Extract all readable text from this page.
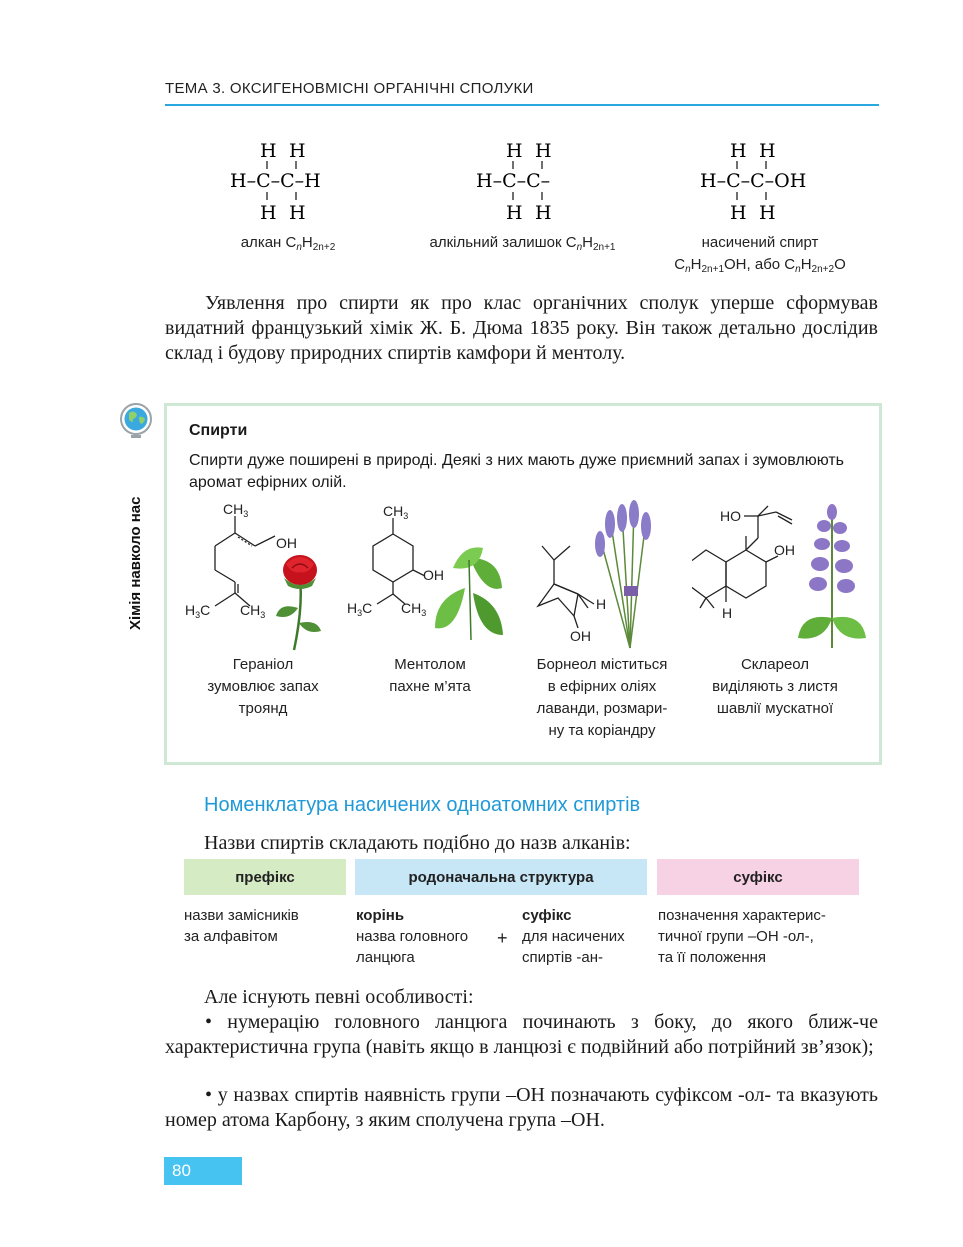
ТЕМА 3. ОКСИГЕНОВМІСНІ ОРГАНІЧНІ СПОЛУКИ
H H
H–C–C–H
H H
алкан $C_nH_{2n+2}$
H H
H–C–C–
H H
алкільний залишок $C_nH_{2n+1}$
H H
H–C–C–OH
H H
насичений спирт
$C_nH_{2n+1}OH$, або $C_nH_{2n+2}O$
Уявлення про спирти як про клас органічних сполук уперше сформував видатний французький хімік Ж. Б. Дюма 1835 року. Він також детально дослідив склад і будову природних спиртів камфори й ментолу.
Хімія навколо нас
Спирти
Спирти дуже поширені в природі. Деякі з них мають дуже приємний запах і зумовлюють аромат ефірних олій.
$CH_3$
OH
$H_3C$ $CH_3$
Гераніол
зумовлює запах
троянд
$CH_3$
OH
$H_3C$ $CH_3$
Ментолом
пахне м’ята
H
OH
Борнеол міститься
в ефірних оліях
лаванди, розмари-
ну та коріандру
HO
OH
H
Склареол
виділяють з листя
шавлії мускатної
Номенклатура насичених одноатомних спиртів
Назви спиртів складають подібно до назв алканів:
префікс	родоначальна структура	суфікс
назви замісників
за алфавітом
корінь
назва головного
ланцюга
+
суфікс
для насичених
спиртів -ан-
позначення характерис-
тичної групи –OH -ол-,
та її положення
Але існують певні особливості:
• нумерацію головного ланцюга починають з боку, до якого ближ-че характеристична група (навіть якщо в ланцюзі є подвійний або потрійний зв’язок);
• у назвах спиртів наявність групи –OH позначають суфіксом -ол- та вказують номер атома Карбону, з яким сполучена група –OH.
80
